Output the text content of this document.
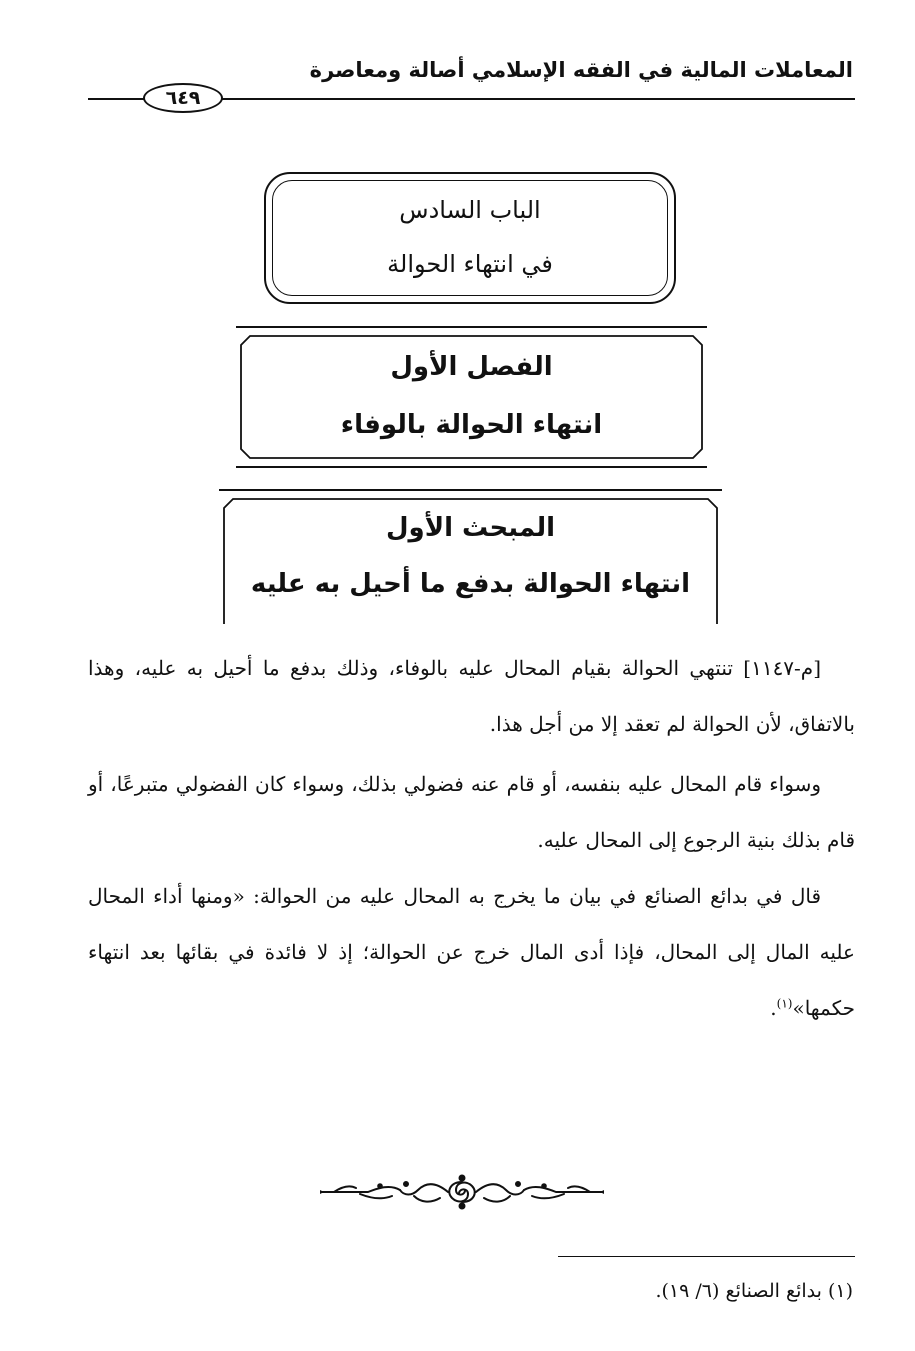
المعاملات المالية في الفقه الإسلامي أصالة ومعاصرة
٦٤٩
الباب السادس
في انتهاء الحوالة
الفصل الأول
انتهاء الحوالة بالوفاء
المبحث الأول
انتهاء الحوالة بدفع ما أحيل به عليه
[م-١١٤٧] تنتهي الحوالة بقيام المحال عليه بالوفاء، وذلك بدفع ما أحيل به عليه، وهذا بالاتفاق، لأن الحوالة لم تعقد إلا من أجل هذا.
وسواء قام المحال عليه بنفسه، أو قام عنه فضولي بذلك، وسواء كان الفضولي متبرعًا، أو قام بذلك بنية الرجوع إلى المحال عليه.
قال في بدائع الصنائع في بيان ما يخرج به المحال عليه من الحوالة: «ومنها أداء المحال عليه المال إلى المحال، فإذا أدى المال خرج عن الحوالة؛ إذ لا فائدة في بقائها بعد انتهاء حكمها»$^{(١)}$.
(١) بدائع الصنائع (٦/ ١٩).
